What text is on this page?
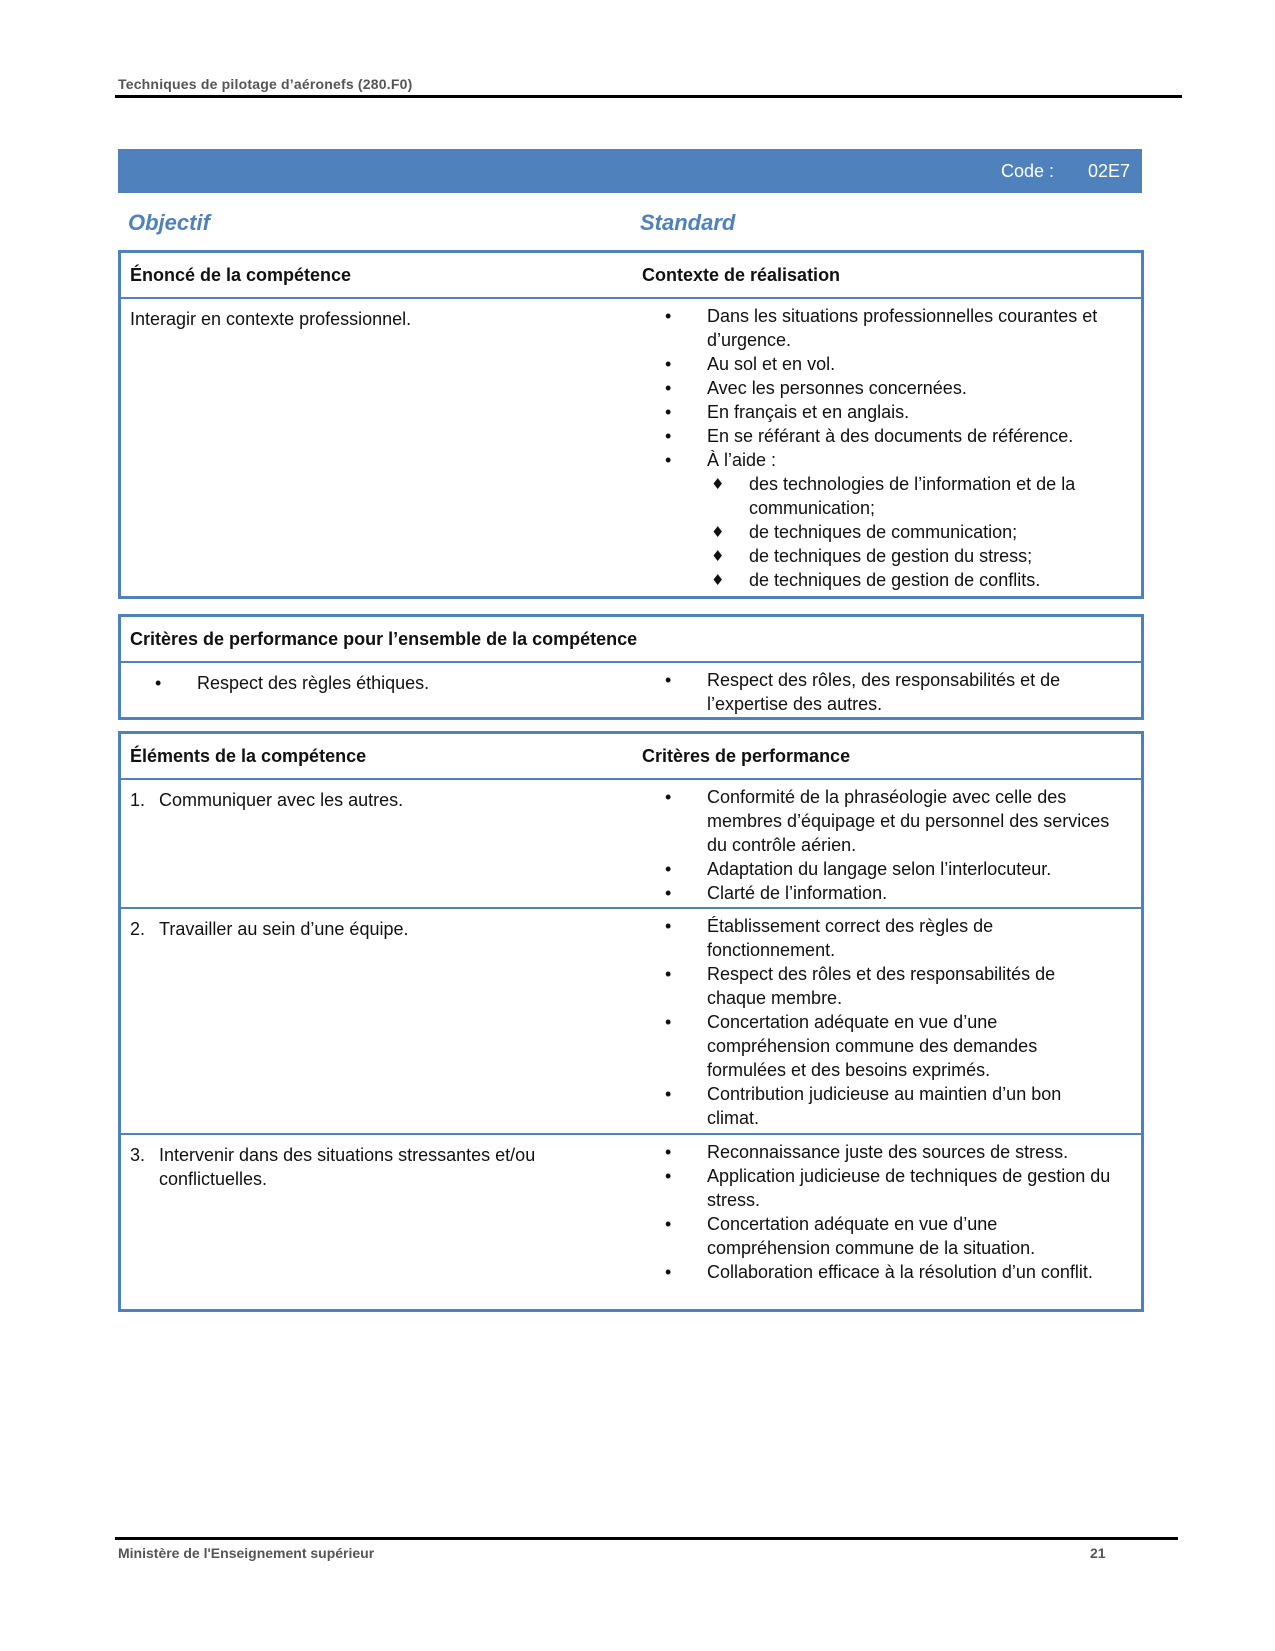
Techniques de pilotage d’aéronefs (280.F0)
Code : 02E7
Objectif	Standard
Énoncé de la compétence	Contexte de réalisation
Interagir en contexte professionnel.	•	Dans les situations professionnelles courantes et d’urgence.
•	Au sol et en vol.
•	Avec les personnes concernées.
•	En français et en anglais.
•	En se référant à des documents de référence.
•	À l’aide :
♦ des technologies de l’information et de la communication;
♦ de techniques de communication;
♦ de techniques de gestion du stress;
♦ de techniques de gestion de conflits.
Critères de performance pour l’ensemble de la compétence
• Respect des règles éthiques.	•	Respect des rôles, des responsabilités et de l’expertise des autres.
Éléments de la compétence	Critères de performance
1. Communiquer avec les autres.	•	Conformité de la phraséologie avec celle des membres d’équipage et du personnel des services du contrôle aérien.
•	Adaptation du langage selon l’interlocuteur.
•	Clarté de l’information.
2. Travailler au sein d’une équipe.	•	Établissement correct des règles de fonctionnement.
•	Respect des rôles et des responsabilités de chaque membre.
•	Concertation adéquate en vue d’une compréhension commune des demandes formulées et des besoins exprimés.
•	Contribution judicieuse au maintien d’un bon climat.
3. Intervenir dans des situations stressantes et/ou conflictuelles.
•	Reconnaissance juste des sources de stress.
•	Application judicieuse de techniques de gestion du stress.
•	Concertation adéquate en vue d’une compréhension commune de la situation.
•	Collaboration efficace à la résolution d’un conflit.
Ministère de l'Enseignement supérieur	21
